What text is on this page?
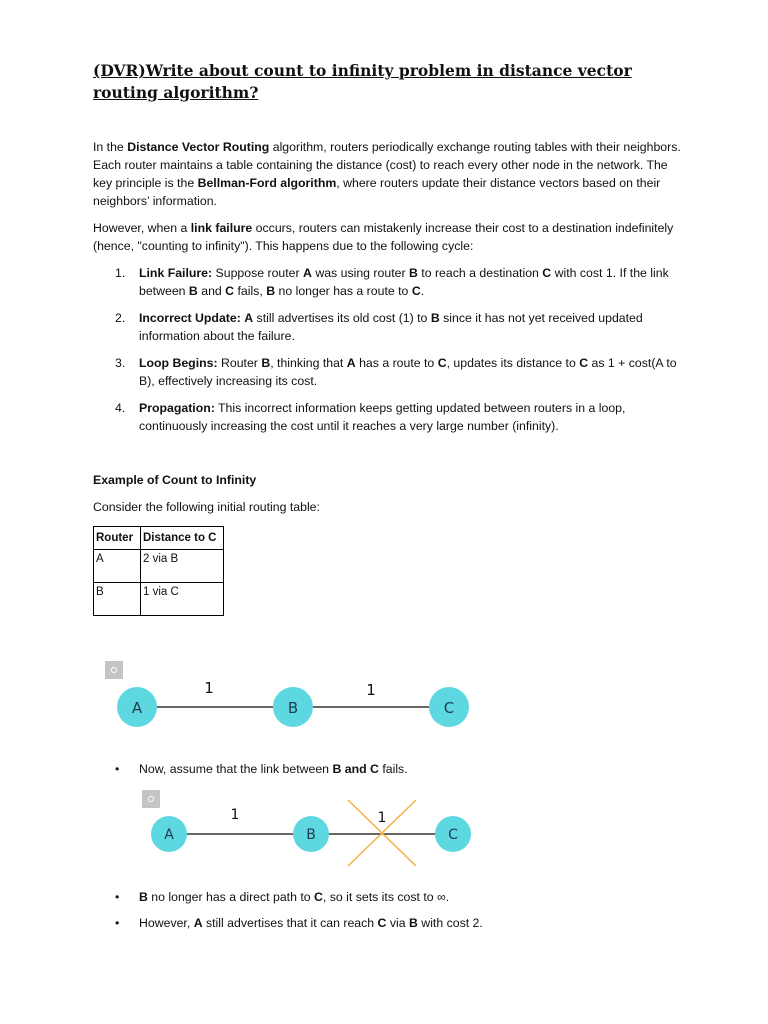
(DVR)Write about count to infinity problem in distance vector routing algorithm?

In the Distance Vector Routing algorithm, routers periodically exchange routing tables with their neighbors. Each router maintains a table containing the distance (cost) to reach every other node in the network. The key principle is the Bellman-Ford algorithm, where routers update their distance vectors based on their neighbors’ information.

However, when a link failure occurs, routers can mistakenly increase their cost to a destination indefinitely (hence, "counting to infinity"). This happens due to the following cycle:

1. Link Failure: Suppose router A was using router B to reach a destination C with cost 1. If the link between B and C fails, B no longer has a route to C.
2. Incorrect Update: A still advertises its old cost (1) to B since it has not yet received updated information about the failure.
3. Loop Begins: Router B, thinking that A has a route to C, updates its distance to C as 1 + cost(A to B), effectively increasing its cost.
4. Propagation: This incorrect information keeps getting updated between routers in a loop, continuously increasing the cost until it reaches a very large number (infinity).

Example of Count to Infinity

Consider the following initial routing table:

Router	Distance to C
A	2 via B
B	1 via C
1	1
A	B	C
• Now, assume that the link between B and C fails.
1	1
A	B	C
• B no longer has a direct path to C, so it sets its cost to ∞.
• However, A still advertises that it can reach C via B with cost 2.
